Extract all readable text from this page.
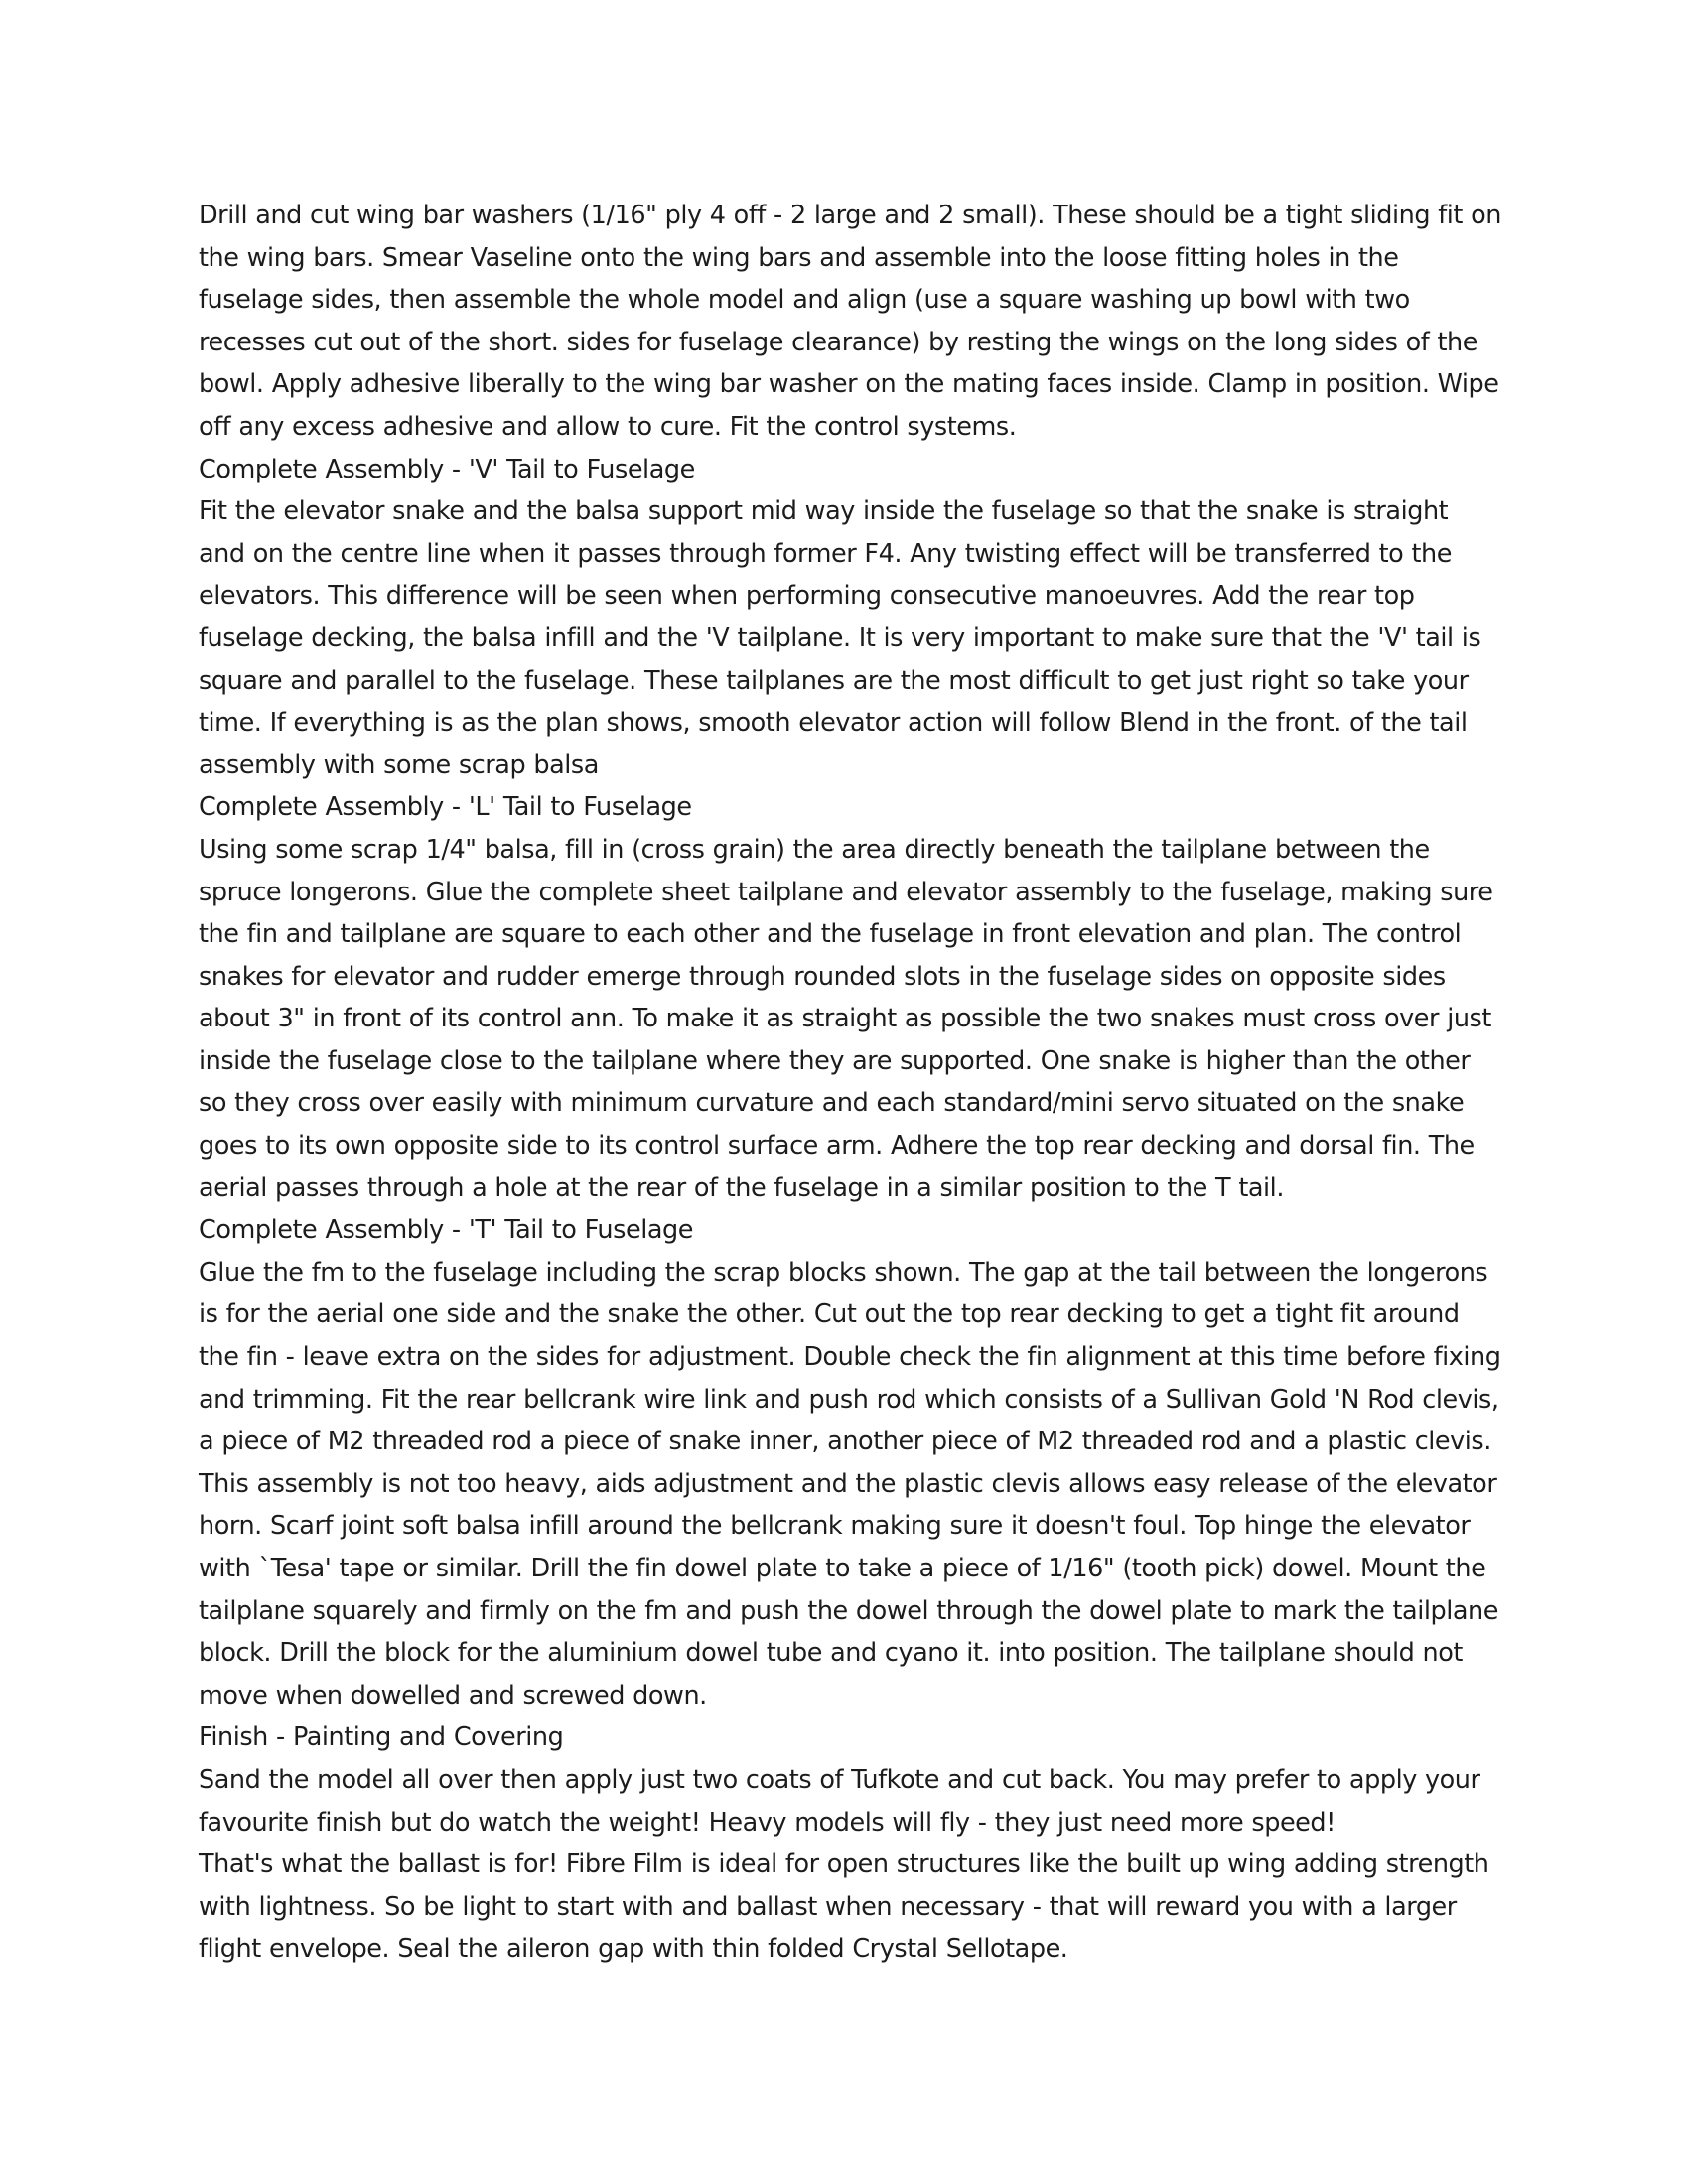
Drill and cut wing bar washers (1/16" ply 4 off - 2 large and 2 small). These should be a tight sliding fit on the wing bars. Smear Vaseline onto the wing bars and assemble into the loose fitting holes in the fuselage sides, then assemble the whole model and align (use a square washing up bowl with two recesses cut out of the short. sides for fuselage clearance) by resting the wings on the long sides of the bowl. Apply adhesive liberally to the wing bar washer on the mating faces inside. Clamp in position. Wipe off any excess adhesive and allow to cure. Fit the control systems.

Complete Assembly - 'V' Tail to Fuselage

Fit the elevator snake and the balsa support mid way inside the fuselage so that the snake is straight and on the centre line when it passes through former F4. Any twisting effect will be transferred to the elevators. This difference will be seen when performing consecutive manoeuvres. Add the rear top fuselage decking, the balsa infill and the 'V tailplane. It is very important to make sure that the 'V' tail is square and parallel to the fuselage. These tailplanes are the most difficult to get just right so take your time. If everything is as the plan shows, smooth elevator action will follow Blend in the front. of the tail assembly with some scrap balsa

Complete Assembly - 'L' Tail to Fuselage

Using some scrap 1/4" balsa, fill in (cross grain) the area directly beneath the tailplane between the spruce longerons. Glue the complete sheet tailplane and elevator assembly to the fuselage, making sure the fin and tailplane are square to each other and the fuselage in front elevation and plan. The control snakes for elevator and rudder emerge through rounded slots in the fuselage sides on opposite sides about 3" in front of its control ann. To make it as straight as possible the two snakes must cross over just inside the fuselage close to the tailplane where they are supported. One snake is higher than the other so they cross over easily with minimum curvature and each standard/mini servo situated on the snake goes to its own opposite side to its control surface arm. Adhere the top rear decking and dorsal fin. The aerial passes through a hole at the rear of the fuselage in a similar position to the T tail.

Complete Assembly - 'T' Tail to Fuselage

Glue the fm to the fuselage including the scrap blocks shown. The gap at the tail between the longerons is for the aerial one side and the snake the other. Cut out the top rear decking to get a tight fit around the fin - leave extra on the sides for adjustment. Double check the fin alignment at this time before fixing and trimming. Fit the rear bellcrank wire link and push rod which consists of a Sullivan Gold 'N Rod clevis, a piece of M2 threaded rod a piece of snake inner, another piece of M2 threaded rod and a plastic clevis. This assembly is not too heavy, aids adjustment and the plastic clevis allows easy release of the elevator horn. Scarf joint soft balsa infill around the bellcrank making sure it doesn't foul. Top hinge the elevator with `Tesa' tape or similar. Drill the fin dowel plate to take a piece of 1/16" (tooth pick) dowel. Mount the tailplane squarely and firmly on the fm and push the dowel through the dowel plate to mark the tailplane block. Drill the block for the aluminium dowel tube and cyano it. into position. The tailplane should not move when dowelled and screwed down.

Finish - Painting and Covering

Sand the model all over then apply just two coats of Tufkote and cut back. You may prefer to apply your favourite finish but do watch the weight! Heavy models will fly - they just need more speed!

That's what the ballast is for! Fibre Film is ideal for open structures like the built up wing adding strength with lightness. So be light to start with and ballast when necessary - that will reward you with a larger flight envelope. Seal the aileron gap with thin folded Crystal Sellotape.
